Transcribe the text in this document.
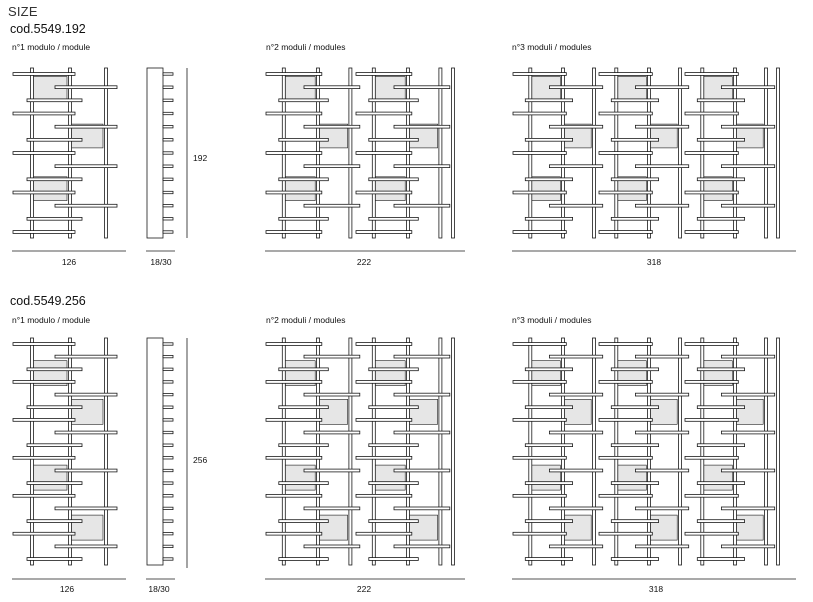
SIZE
cod.5549.192
n°1 modulo / module	n°2 moduli / modules	n°3 moduli / modules
192
126	18/30	222	318
cod.5549.256
n°1 modulo / module	n°2 moduli / modules	n°3 moduli / modules
256
126	18/30	222	318
